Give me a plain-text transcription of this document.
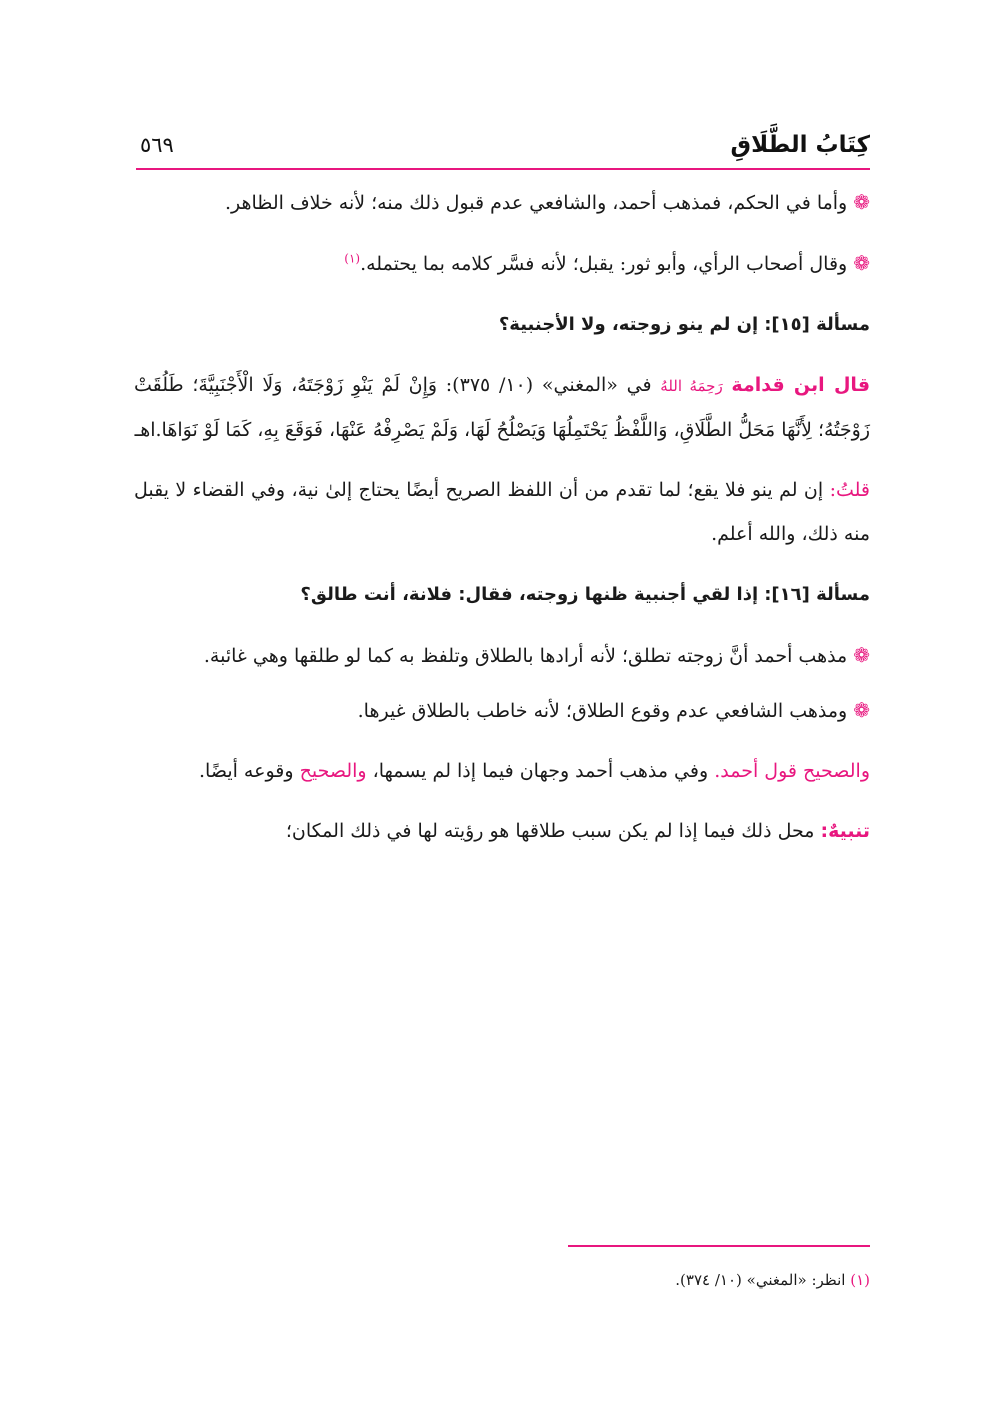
كِتَابُ الطَّلَاقِ
٥٦٩

❁وأما في الحكم، فمذهب أحمد، والشافعي عدم قبول ذلك منه؛ لأنه خلاف الظاهر.

❁وقال أصحاب الرأي، وأبو ثور: يقبل؛ لأنه فسَّر كلامه بما يحتمله.$^{(١)}$

مسألة [١٥]: إن لم ينو زوجته، ولا الأجنبية؟

قال ابن قدامة رَحِمَهُ اللهُ في «المغني» (١٠/ ٣٧٥): وَإِنْ لَمْ يَنْوِ زَوْجَتَهُ، وَلَا الْأَجْنَبِيَّةَ؛ طَلُقَتْ زَوْجَتُهُ؛ لِأَنَّهَا مَحَلُّ الطَّلَاقِ، وَاللَّفْظُ يَحْتَمِلُهَا وَيَصْلُحُ لَهَا، وَلَمْ يَصْرِفْهُ عَنْهَا، فَوَقَعَ بِهِ، كَمَا لَوْ نَوَاهَا.اهـ

قلتُ: إن لم ينو فلا يقع؛ لما تقدم من أن اللفظ الصريح أيضًا يحتاج إلىٰ نية، وفي القضاء لا يقبل منه ذلك، والله أعلم.

مسألة [١٦]: إذا لقي أجنبية ظنها زوجته، فقال: فلانة، أنت طالق؟

❁مذهب أحمد أنَّ زوجته تطلق؛ لأنه أرادها بالطلاق وتلفظ به كما لو طلقها وهي غائبة.

❁ومذهب الشافعي عدم وقوع الطلاق؛ لأنه خاطب بالطلاق غيرها.

والصحيح قول أحمد. وفي مذهب أحمد وجهان فيما إذا لم يسمها، والصحيح وقوعه أيضًا.

تنبيهٌ: محل ذلك فيما إذا لم يكن سبب طلاقها هو رؤيته لها في ذلك المكان؛

(١) انظر: «المغني» (١٠/ ٣٧٤).
